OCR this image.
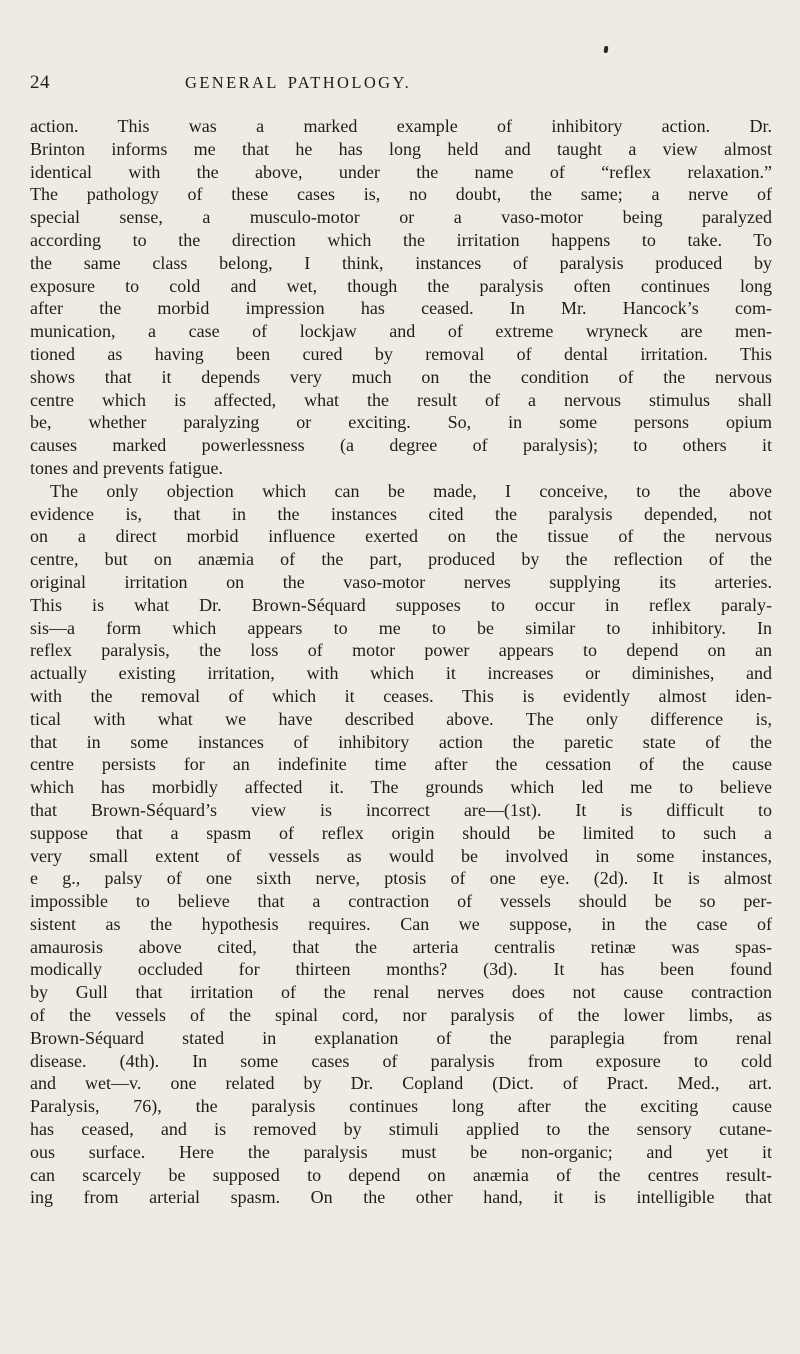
24	GENERAL PATHOLOGY.
action. This was a marked example of inhibitory action. Dr.
Brinton informs me that he has long held and taught a view almost
identical with the above, under the name of “reflex relaxation.”
The pathology of these cases is, no doubt, the same; a nerve of
special sense, a musculo-motor or a vaso-motor being paralyzed
according to the direction which the irritation happens to take. To
the same class belong, I think, instances of paralysis produced by
exposure to cold and wet, though the paralysis often continues long
after the morbid impression has ceased. In Mr. Hancock’s com-
munication, a case of lockjaw and of extreme wryneck are men-
tioned as having been cured by removal of dental irritation. This
shows that it depends very much on the condition of the nervous
centre which is affected, what the result of a nervous stimulus shall
be, whether paralyzing or exciting. So, in some persons opium
causes marked powerlessness (a degree of paralysis); to others it
tones and prevents fatigue.
The only objection which can be made, I conceive, to the above
evidence is, that in the instances cited the paralysis depended, not
on a direct morbid influence exerted on the tissue of the nervous
centre, but on anæmia of the part, produced by the reflection of the
original irritation on the vaso-motor nerves supplying its arteries.
This is what Dr. Brown-Séquard supposes to occur in reflex paraly-
sis—a form which appears to me to be similar to inhibitory. In
reflex paralysis, the loss of motor power appears to depend on an
actually existing irritation, with which it increases or diminishes, and
with the removal of which it ceases. This is evidently almost iden-
tical with what we have described above. The only difference is,
that in some instances of inhibitory action the paretic state of the
centre persists for an indefinite time after the cessation of the cause
which has morbidly affected it. The grounds which led me to believe
that Brown-Séquard’s view is incorrect are—(1st). It is difficult to
suppose that a spasm of reflex origin should be limited to such a
very small extent of vessels as would be involved in some instances,
e g., palsy of one sixth nerve, ptosis of one eye. (2d). It is almost
impossible to believe that a contraction of vessels should be so per-
sistent as the hypothesis requires. Can we suppose, in the case of
amaurosis above cited, that the arteria centralis retinæ was spas-
modically occluded for thirteen months? (3d). It has been found
by Gull that irritation of the renal nerves does not cause contraction
of the vessels of the spinal cord, nor paralysis of the lower limbs, as
Brown-Séquard stated in explanation of the paraplegia from renal
disease. (4th). In some cases of paralysis from exposure to cold
and wet—v. one related by Dr. Copland (Dict. of Pract. Med., art.
Paralysis, 76), the paralysis continues long after the exciting cause
has ceased, and is removed by stimuli applied to the sensory cutane-
ous surface. Here the paralysis must be non-organic; and yet it
can scarcely be supposed to depend on anæmia of the centres result-
ing from arterial spasm. On the other hand, it is intelligible that
